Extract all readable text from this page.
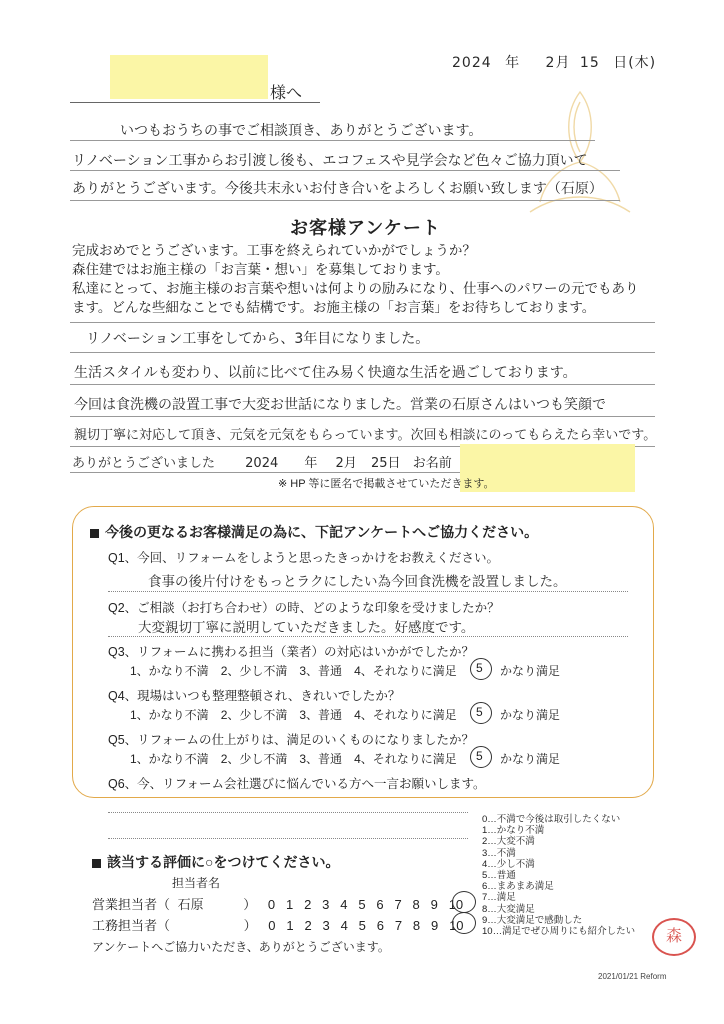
2024 年 2月 15 日(木)
様へ
いつもおうちの事でご相談頂き、ありがとうございます。
リノベーション工事からお引渡し後も、エコフェスや見学会など色々ご協力頂いて
ありがとうございます。今後共末永いお付き合いをよろしくお願い致します（石原）
お客様アンケート
完成おめでとうございます。工事を終えられていかがでしょうか？
森住建ではお施主様の「お言葉・想い」を募集しております。
私達にとって、お施主様のお言葉や想いは何よりの励みになり、仕事へのパワーの元でもあり
ます。どんな些細なことでも結構です。お施主様の「お言葉」をお待ちしております。
リノベーション工事をしてから、3年目になりました。
生活スタイルも変わり、以前に比べて住み易く快適な生活を過ごしております。
今回は食洗機の設置工事で大変お世話になりました。営業の石原さんはいつも笑顔で
親切丁寧に対応して頂き、元気を元気をもらっています。次回も相談にのってもらえたら幸いです。
ありがとうございました 2024 年 2月 25日 お名前
※ HP 等に匿名で掲載させていただきます。
今後の更なるお客様満足の為に、下記アンケートへご協力ください。
Q1、今回、リフォームをしようと思ったきっかけをお教えください。
食事の後片付けをもっとラクにしたい為今回食洗機を設置しました。
Q2、ご相談（お打ち合わせ）の時、どのような印象を受けましたか？
大変親切丁寧に説明していただきました。好感度です。
Q3、リフォームに携わる担当（業者）の対応はいかがでしたか？
1、かなり不満 2、少し不満 3、普通 4、それなりに満足 5 かなり満足
Q4、現場はいつも整理整頓され、きれいでしたか？
1、かなり不満 2、少し不満 3、普通 4、それなりに満足 5 かなり満足
Q5、リフォームの仕上がりは、満足のいくものになりましたか？
1、かなり不満 2、少し不満 3、普通 4、それなりに満足 5 かなり満足
Q6、今、リフォーム会社選びに悩んでいる方へ一言お願いします。
0…不満で今後は取引したくない
1…かなり不満
2…大変不満
3…不満
4…少し不満
5…普通
6…まあまあ満足
7…満足
8…大変満足
9…大変満足で感動した
10…満足でぜひ周りにも紹介したい
該当する評価に○をつけてください。
担当者名
営業担当者（ 石原	） 0 1 2 3 4 5 6 7 8 9 10
工務担当者（	） 0 1 2 3 4 5 6 7 8 9 10
アンケートへご協力いただき、ありがとうございます。
森
2021/01/21 Reform
